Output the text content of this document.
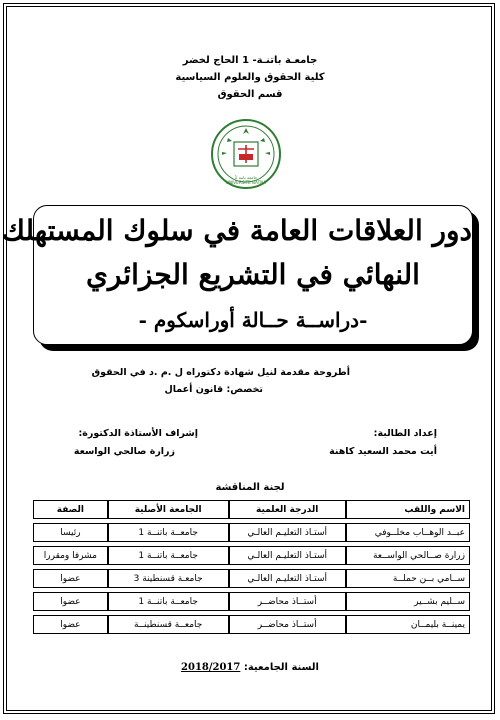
جامعـة باتنـة- 1 الحاج لخضر
كلية الحقوق والعلوم السياسية
قسم الحقوق
جامعة باتنة 1
UNIVERSITE BATNA
دور العلاقات العامة في سلوك المستهلك
النهائي في التشريع الجزائري
-دراســة حــالة أوراسكوم -
أطروحة مقدمة لنيل شهادة دكتوراه ل .م .د في الحقوق
تخصص: قانون أعمال
إعداد الطالبة:
أيت محمد السعيد كاهنة
إشراف الأستاذة الدكتورة:
زرارة صالحي الواسعة
لجنة المناقشة
الاسم واللقب	الدرجة العلمية	الجامعة الأصلية	الصفة
عبــد الوهــاب مخلــوفي	أستـاذ التعليـم العالـي	جامعــة باتنــة 1	رئيسا
زرارة صــالحي الواســعة	أستـاذ التعليـم العالـي	جامعــة باتنــة 1	مشرفا ومقررا
ســامي بــن حملــة	أستـاذ التعليـم العالـي	جامعـة قسنطينة 3	عضوا
ســليم بشــير	أستــاذ محاضــر	جامعــة باتنــة 1	عضوا
يمينــة بليمــان	أستــاذ محاضــر	جامعــة قسنطينــة	عضوا
السنة الجامعية: 2018/2017
